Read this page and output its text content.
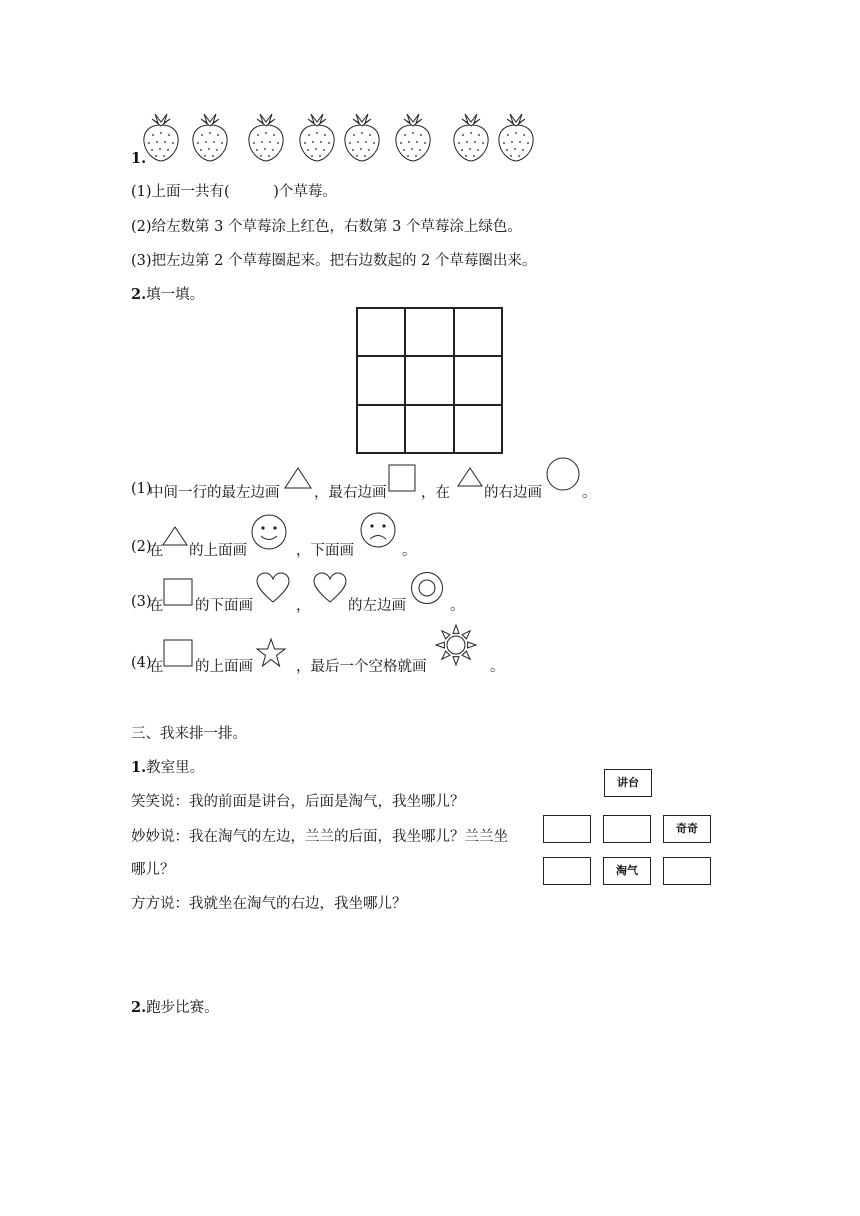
1.
(1)上面一共有(　　　)个草莓。
(2)给左数第 3 个草莓涂上红色，右数第 3 个草莓涂上绿色。
(3)把左边第 2 个草莓圈起来。把右边数起的 2 个草莓圈出来。
2.填一填。
(1)
中间一行的最左边画 ，最右边画 ，在 的右边画	。
(2)
在 的上面画	，下面画	。
(3)
在 的下面画	，	的左边画	。
(4)
在 的上面画	，最后一个空格就画	。
三、我来排一排。
1.教室里。
笑笑说：我的前面是讲台，后面是淘气，我坐哪儿？
妙妙说：我在淘气的左边，兰兰的后面，我坐哪儿？兰兰坐
哪儿？
方方说：我就坐在淘气的右边，我坐哪儿？
讲台
奇奇
淘气
2.跑步比赛。
